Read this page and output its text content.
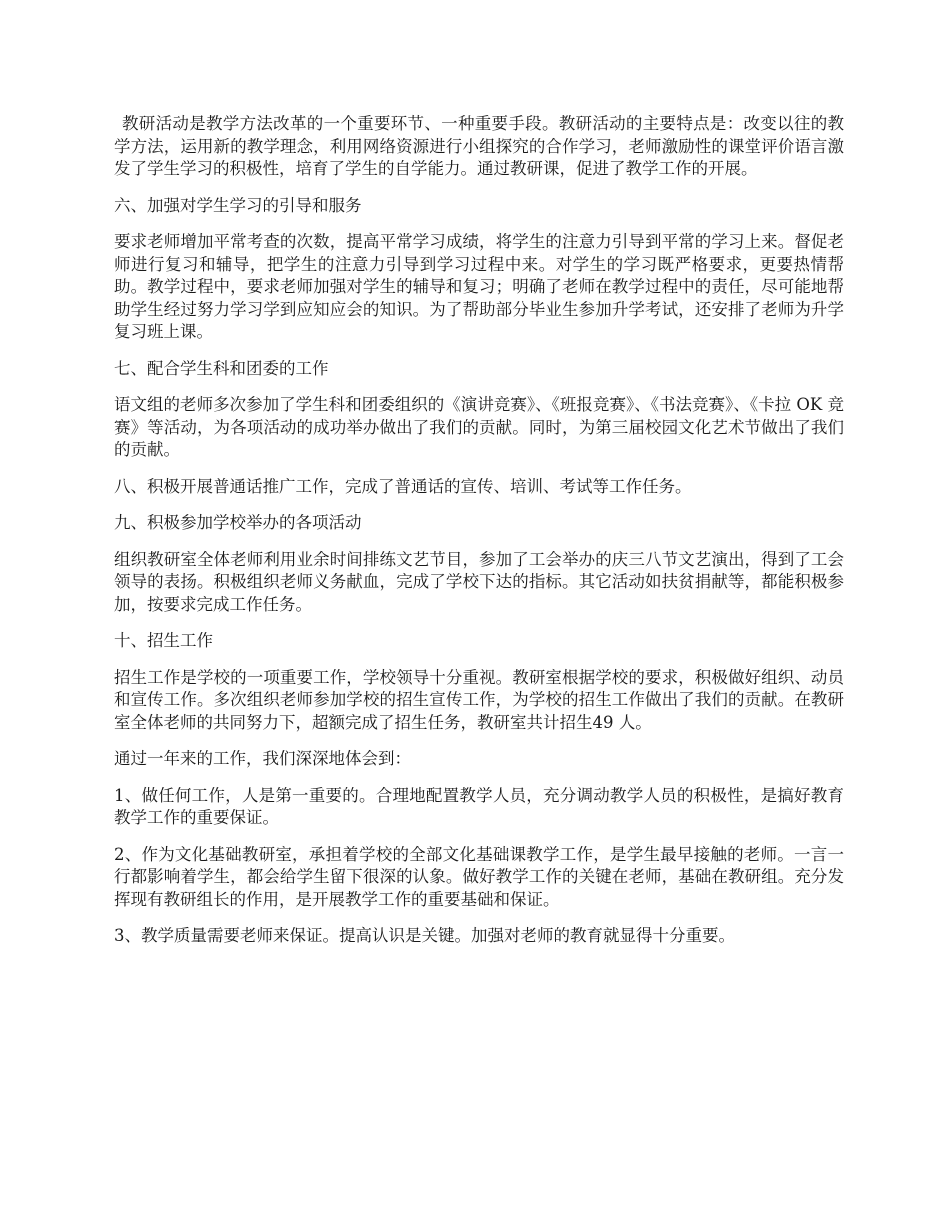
教研活动是教学方法改革的一个重要环节、一种重要手段。教研活动的主要特点是：改变以往的教学方法，运用新的教学理念，利用网络资源进行小组探究的合作学习，老师激励性的课堂评价语言激发了学生学习的积极性，培育了学生的自学能力。通过教研课，促进了教学工作的开展。

六、加强对学生学习的引导和服务

要求老师增加平常考查的次数，提高平常学习成绩，将学生的注意力引导到平常的学习上来。督促老师进行复习和辅导，把学生的注意力引导到学习过程中来。对学生的学习既严格要求，更要热情帮助。教学过程中，要求老师加强对学生的辅导和复习；明确了老师在教学过程中的责任，尽可能地帮助学生经过努力学习学到应知应会的知识。为了帮助部分毕业生参加升学考试，还安排了老师为升学复习班上课。

七、配合学生科和团委的工作

语文组的老师多次参加了学生科和团委组织的《演讲竞赛》、《班报竞赛》、《书法竞赛》、《卡拉 OK 竞赛》等活动，为各项活动的成功举办做出了我们的贡献。同时，为第三届校园文化艺术节做出了我们的贡献。

八、积极开展普通话推广工作，完成了普通话的宣传、培训、考试等工作任务。

九、积极参加学校举办的各项活动

组织教研室全体老师利用业余时间排练文艺节目，参加了工会举办的庆三八节文艺演出，得到了工会领导的表扬。积极组织老师义务献血，完成了学校下达的指标。其它活动如扶贫捐献等，都能积极参加，按要求完成工作任务。

十、招生工作

招生工作是学校的一项重要工作，学校领导十分重视。教研室根据学校的要求，积极做好组织、动员和宣传工作。多次组织老师参加学校的招生宣传工作，为学校的招生工作做出了我们的贡献。在教研室全体老师的共同努力下，超额完成了招生任务，教研室共计招生49 人。

通过一年来的工作，我们深深地体会到：

1、做任何工作，人是第一重要的。合理地配置教学人员，充分调动教学人员的积极性，是搞好教育教学工作的重要保证。

2、作为文化基础教研室，承担着学校的全部文化基础课教学工作，是学生最早接触的老师。一言一行都影响着学生，都会给学生留下很深的认象。做好教学工作的关键在老师，基础在教研组。充分发挥现有教研组长的作用，是开展教学工作的重要基础和保证。

3、教学质量需要老师来保证。提高认识是关键。加强对老师的教育就显得十分重要。
